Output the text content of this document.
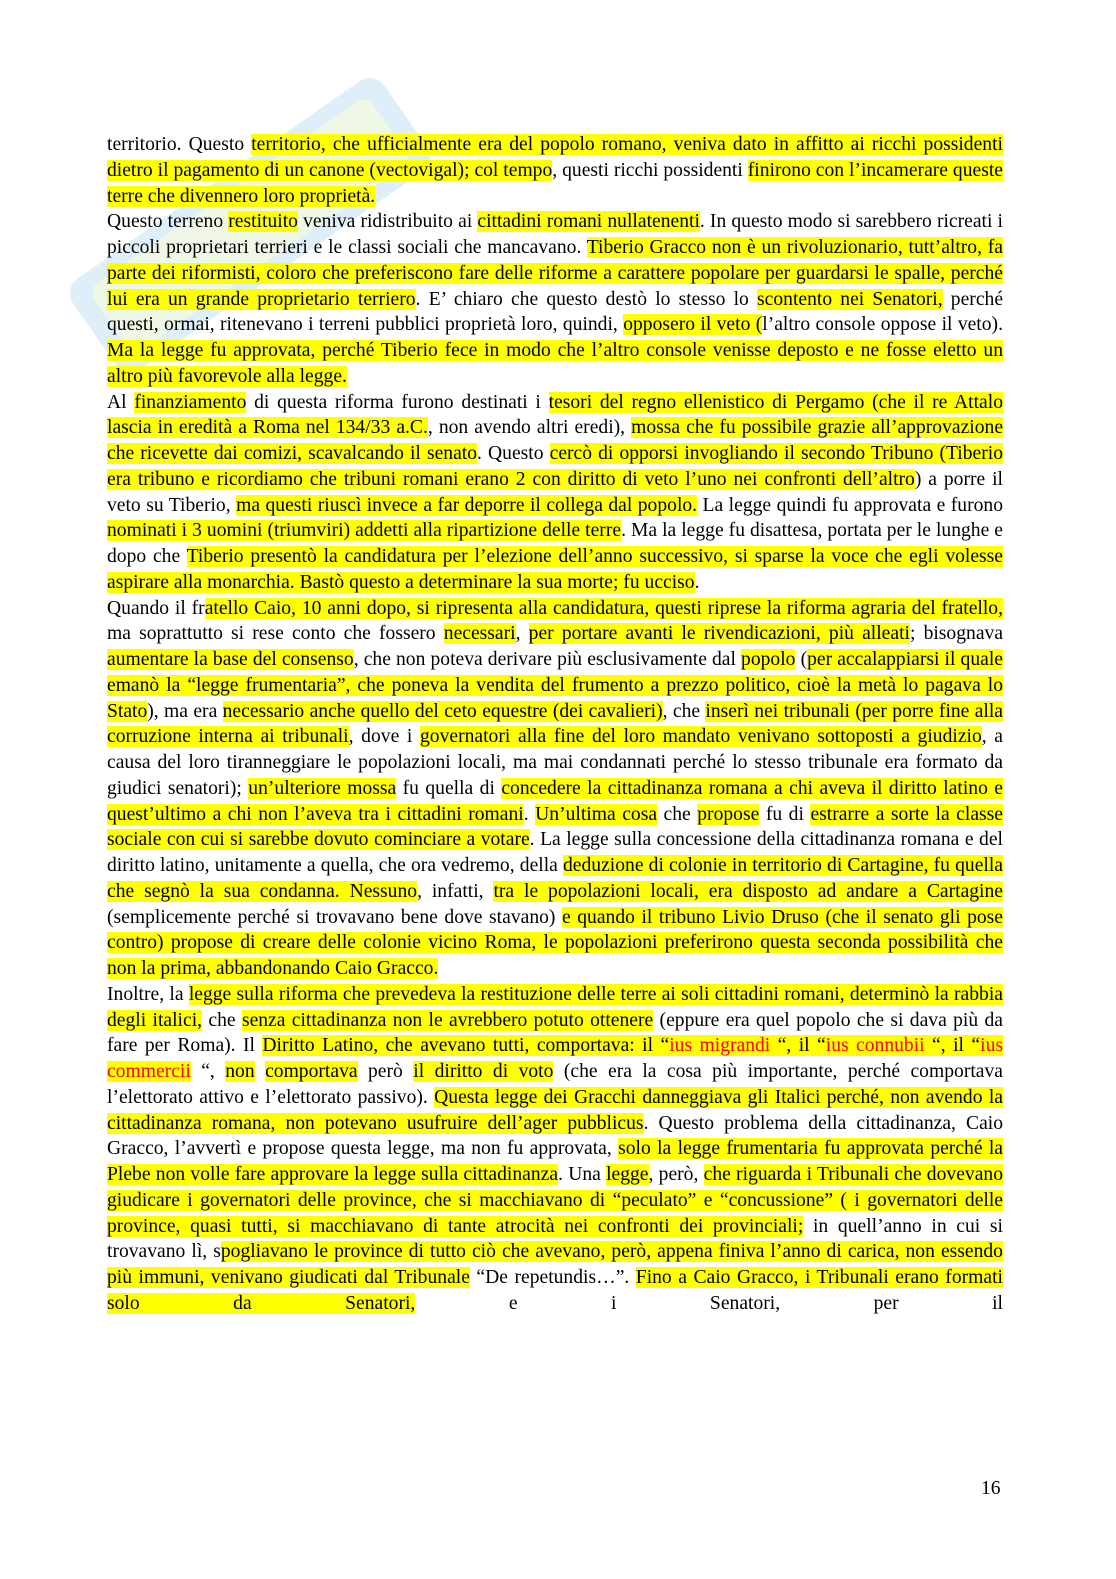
territorio. Questo territorio, che ufficialmente era del popolo romano, veniva dato in affitto ai ricchi possidenti dietro il pagamento di un canone (vectovigal); col tempo, questi ricchi possidenti finirono con l’incamerare queste terre che divennero loro proprietà.

Questo terreno restituito veniva ridistribuito ai cittadini romani nullatenenti. In questo modo si sarebbero ricreati i piccoli proprietari terrieri e le classi sociali che mancavano. Tiberio Gracco non è un rivoluzionario, tutt’altro, fa parte dei riformisti, coloro che preferiscono fare delle riforme a carattere popolare per guardarsi le spalle, perché lui era un grande proprietario terriero. E’ chiaro che questo destò lo stesso lo scontento nei Senatori, perché questi, ormai, ritenevano i terreni pubblici proprietà loro, quindi, opposero il veto (l’altro console oppose il veto). Ma la legge fu approvata, perché Tiberio fece in modo che l’altro console venisse deposto e ne fosse eletto un altro più favorevole alla legge.

Al finanziamento di questa riforma furono destinati i tesori del regno ellenistico di Pergamo (che il re Attalo lascia in eredità a Roma nel 134/33 a.C., non avendo altri eredi), mossa che fu possibile grazie all’approvazione che ricevette dai comizi, scavalcando il senato. Questo cercò di opporsi invogliando il secondo Tribuno (Tiberio era tribuno e ricordiamo che tribuni romani erano 2 con diritto di veto l’uno nei confronti dell’altro) a porre il veto su Tiberio, ma questi riuscì invece a far deporre il collega dal popolo. La legge quindi fu approvata e furono nominati i 3 uomini (triumviri) addetti alla ripartizione delle terre. Ma la legge fu disattesa, portata per le lunghe e dopo che Tiberio presentò la candidatura per l’elezione dell’anno successivo, si sparse la voce che egli volesse aspirare alla monarchia. Bastò questo a determinare la sua morte; fu ucciso.

Quando il fratello Caio, 10 anni dopo, si ripresenta alla candidatura, questi riprese la riforma agraria del fratello, ma soprattutto si rese conto che fossero necessari, per portare avanti le rivendicazioni, più alleati; bisognava aumentare la base del consenso, che non poteva derivare più esclusivamente dal popolo (per accalappiarsi il quale emanò la “legge frumentaria”, che poneva la vendita del frumento a prezzo politico, cioè la metà lo pagava lo Stato), ma era necessario anche quello del ceto equestre (dei cavalieri), che inserì nei tribunali (per porre fine alla corruzione interna ai tribunali, dove i governatori alla fine del loro mandato venivano sottoposti a giudizio, a causa del loro tiranneggiare le popolazioni locali, ma mai condannati perché lo stesso tribunale era formato da giudici senatori); un’ulteriore mossa fu quella di concedere la cittadinanza romana a chi aveva il diritto latino e quest’ultimo a chi non l’aveva tra i cittadini romani. Un’ultima cosa che propose fu di estrarre a sorte la classe sociale con cui si sarebbe dovuto cominciare a votare. La legge sulla concessione della cittadinanza romana e del diritto latino, unitamente a quella, che ora vedremo, della deduzione di colonie in territorio di Cartagine, fu quella che segnò la sua condanna. Nessuno, infatti, tra le popolazioni locali, era disposto ad andare a Cartagine (semplicemente perché si trovavano bene dove stavano) e quando il tribuno Livio Druso (che il senato gli pose contro) propose di creare delle colonie vicino Roma, le popolazioni preferirono questa seconda possibilità che non la prima, abbandonando Caio Gracco.

Inoltre, la legge sulla riforma che prevedeva la restituzione delle terre ai soli cittadini romani, determinò la rabbia degli italici, che senza cittadinanza non le avrebbero potuto ottenere (eppure era quel popolo che si dava più da fare per Roma). Il Diritto Latino, che avevano tutti, comportava: il “ius migrandi “, il “ius connubii “, il “ius commercii “, non comportava però il diritto di voto (che era la cosa più importante, perché comportava l’elettorato attivo e l’elettorato passivo). Questa legge dei Gracchi danneggiava gli Italici perché, non avendo la cittadinanza romana, non potevano usufruire dell’ager pubblicus. Questo problema della cittadinanza, Caio Gracco, l’avvertì e propose questa legge, ma non fu approvata, solo la legge frumentaria fu approvata perché la Plebe non volle fare approvare la legge sulla cittadinanza. Una legge, però, che riguarda i Tribunali che dovevano giudicare i governatori delle province, che si macchiavano di “peculato” e “concussione” ( i governatori delle province, quasi tutti, si macchiavano di tante atrocità nei confronti dei provinciali; in quell’anno in cui si trovavano lì, spogliavano le province di tutto ciò che avevano, però, appena finiva l’anno di carica, non essendo più immuni, venivano giudicati dal Tribunale “De repetundis…”. Fino a Caio Gracco, i Tribunali erano formati solo da Senatori, e i Senatori, per il

16
